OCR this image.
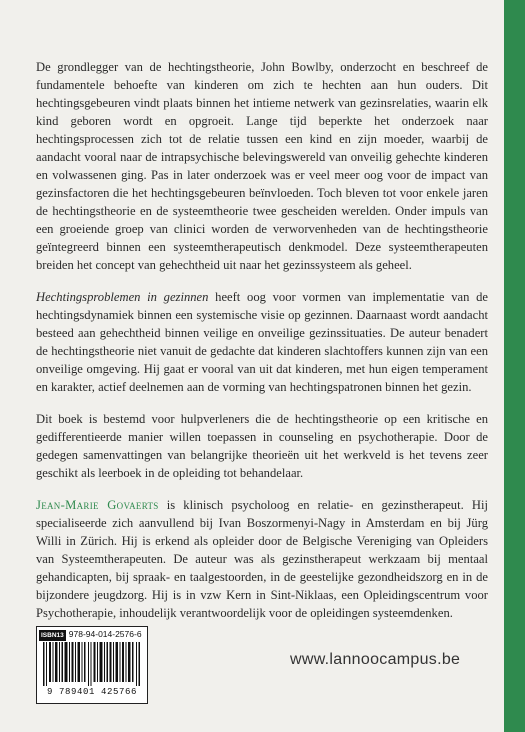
De grondlegger van de hechtingstheorie, John Bowlby, onderzocht en beschreef de fundamentele behoefte van kinderen om zich te hechten aan hun ouders. Dit hechtingsgebeuren vindt plaats binnen het intieme netwerk van gezinsrelaties, waarin elk kind geboren wordt en opgroeit. Lange tijd beperkte het onderzoek naar hechtingsprocessen zich tot de relatie tussen een kind en zijn moeder, waarbij de aandacht vooral naar de intrapsychische belevingswereld van onveilig gehechte kinderen en volwassenen ging. Pas in later onderzoek was er veel meer oog voor de impact van gezinsfactoren die het hechtingsgebeuren beïnvloeden. Toch bleven tot voor enkele jaren de hechtingstheorie en de systeemtheorie twee gescheiden werelden. Onder impuls van een groeiende groep van clinici worden de verworvenheden van de hechtingstheorie geïntegreerd binnen een systeemtherapeutisch denkmodel. Deze systeemtherapeuten breiden het concept van gehechtheid uit naar het gezinssysteem als geheel.

Hechtingsproblemen in gezinnen heeft oog voor vormen van implementatie van de hechtingsdynamiek binnen een systemische visie op gezinnen. Daarnaast wordt aandacht besteed aan gehechtheid binnen veilige en onveilige gezinssituaties. De auteur benadert de hechtingstheorie niet vanuit de gedachte dat kinderen slachtoffers kunnen zijn van een onveilige omgeving. Hij gaat er vooral van uit dat kinderen, met hun eigen temperament en karakter, actief deelnemen aan de vorming van hechtingspatronen binnen het gezin.

Dit boek is bestemd voor hulpverleners die de hechtingstheorie op een kritische en gedifferentieerde manier willen toepassen in counseling en psychotherapie. Door de gedegen samenvattingen van belangrijke theorieën uit het werkveld is het tevens zeer geschikt als leerboek in de opleiding tot behandelaar.

Jean-Marie Govaerts is klinisch psycholoog en relatie- en gezinstherapeut. Hij specialiseerde zich aanvullend bij Ivan Boszormenyi-Nagy in Amsterdam en bij Jürg Willi in Zürich. Hij is erkend als opleider door de Belgische Vereniging van Opleiders van Systeemtherapeuten. De auteur was als gezinstherapeut werkzaam bij mentaal gehandicapten, bij spraak- en taalgestoorden, in de geestelijke gezondheidszorg en in de bijzondere jeugdzorg. Hij is in vzw Kern in Sint-Niklaas, een Opleidingscentrum voor Psychotherapie, inhoudelijk verantwoordelijk voor de opleidingen systeemdenken.

ISBN13 978-94-014-2576-6
9 789401 425766
www.lannoocampus.be
